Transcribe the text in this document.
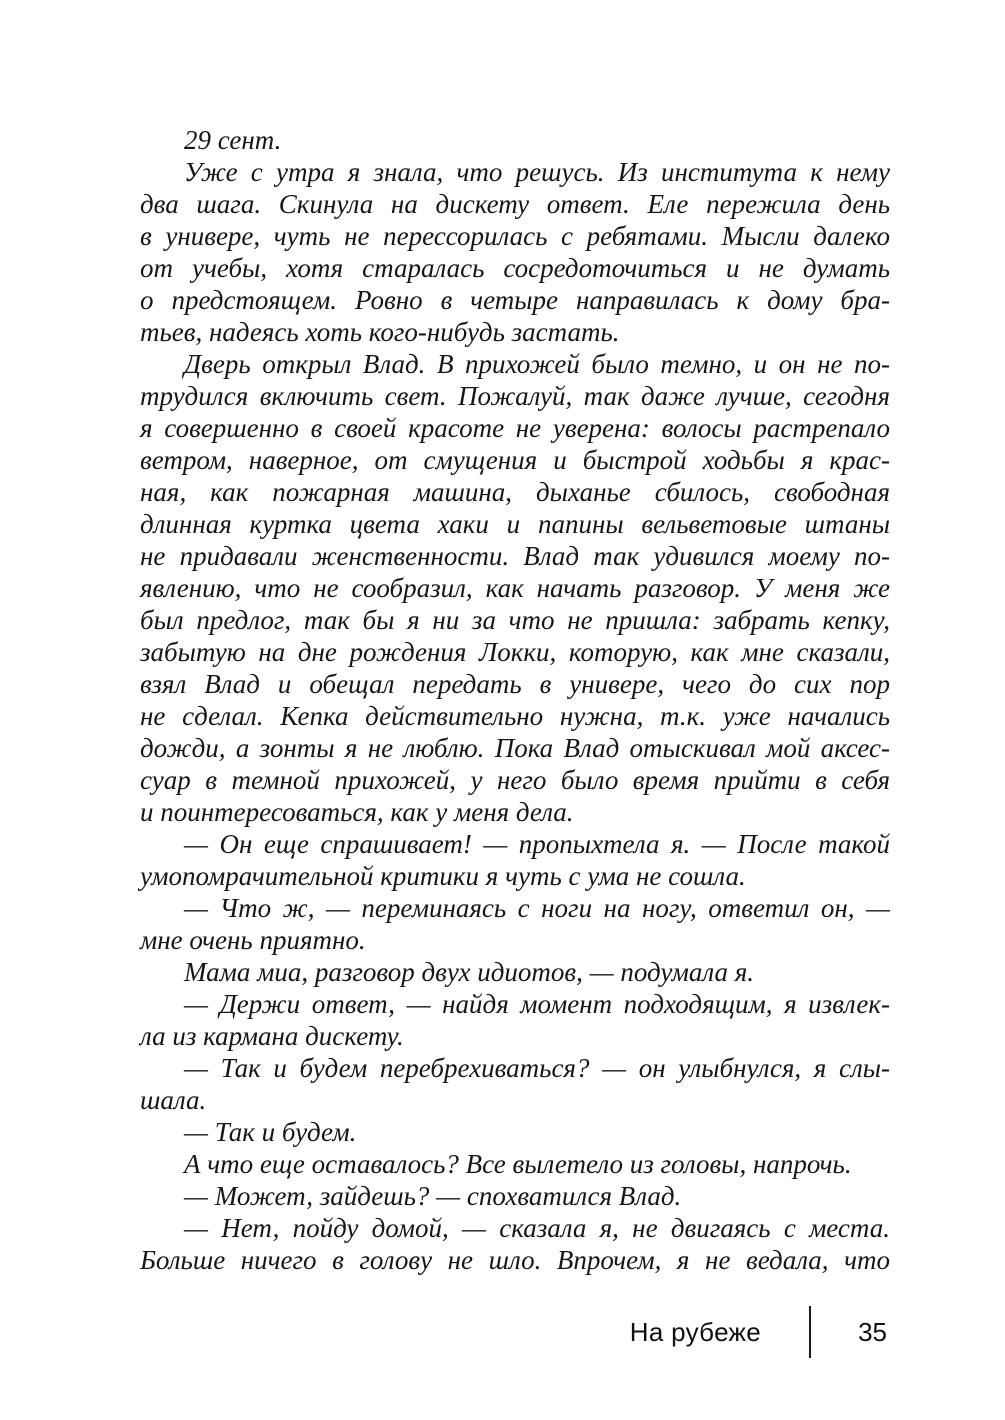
29 сент.
Уже с утра я знала, что решусь. Из института к нему
два шага. Скинула на дискету ответ. Еле пережила день
в универе, чуть не перессорилась с ребятами. Мысли далеко
от учебы, хотя старалась сосредоточиться и не думать
о предстоящем. Ровно в четыре направилась к дому бра-
тьев, надеясь хоть кого-нибудь застать.
Дверь открыл Влад. В прихожей было темно, и он не по-
трудился включить свет. Пожалуй, так даже лучше, сегодня
я совершенно в своей красоте не уверена: волосы растрепало
ветром, наверное, от смущения и быстрой ходьбы я крас-
ная, как пожарная машина, дыханье сбилось, свободная
длинная куртка цвета хаки и папины вельветовые штаны
не придавали женственности. Влад так удивился моему по-
явлению, что не сообразил, как начать разговор. У меня же
был предлог, так бы я ни за что не пришла: забрать кепку,
забытую на дне рождения Локки, которую, как мне сказали,
взял Влад и обещал передать в универе, чего до сих пор
не сделал. Кепка действительно нужна, т.к. уже начались
дожди, а зонты я не люблю. Пока Влад отыскивал мой аксес-
суар в темной прихожей, у него было время прийти в себя
и поинтересоваться, как у меня дела.
— Он еще спрашивает! — пропыхтела я. — После такой
умопомрачительной критики я чуть с ума не сошла.
— Что ж, — переминаясь с ноги на ногу, ответил он, —
мне очень приятно.
Мама миа, разговор двух идиотов, — подумала я.
— Держи ответ, — найдя момент подходящим, я извлек-
ла из кармана дискету.
— Так и будем перебрехиваться? — он улыбнулся, я слы-
шала.
— Так и будем.
А что еще оставалось? Все вылетело из головы, напрочь.
— Может, зайдешь? — спохватился Влад.
— Нет, пойду домой, — сказала я, не двигаясь с места.
Больше ничего в голову не шло. Впрочем, я не ведала, что
На рубеже	35
